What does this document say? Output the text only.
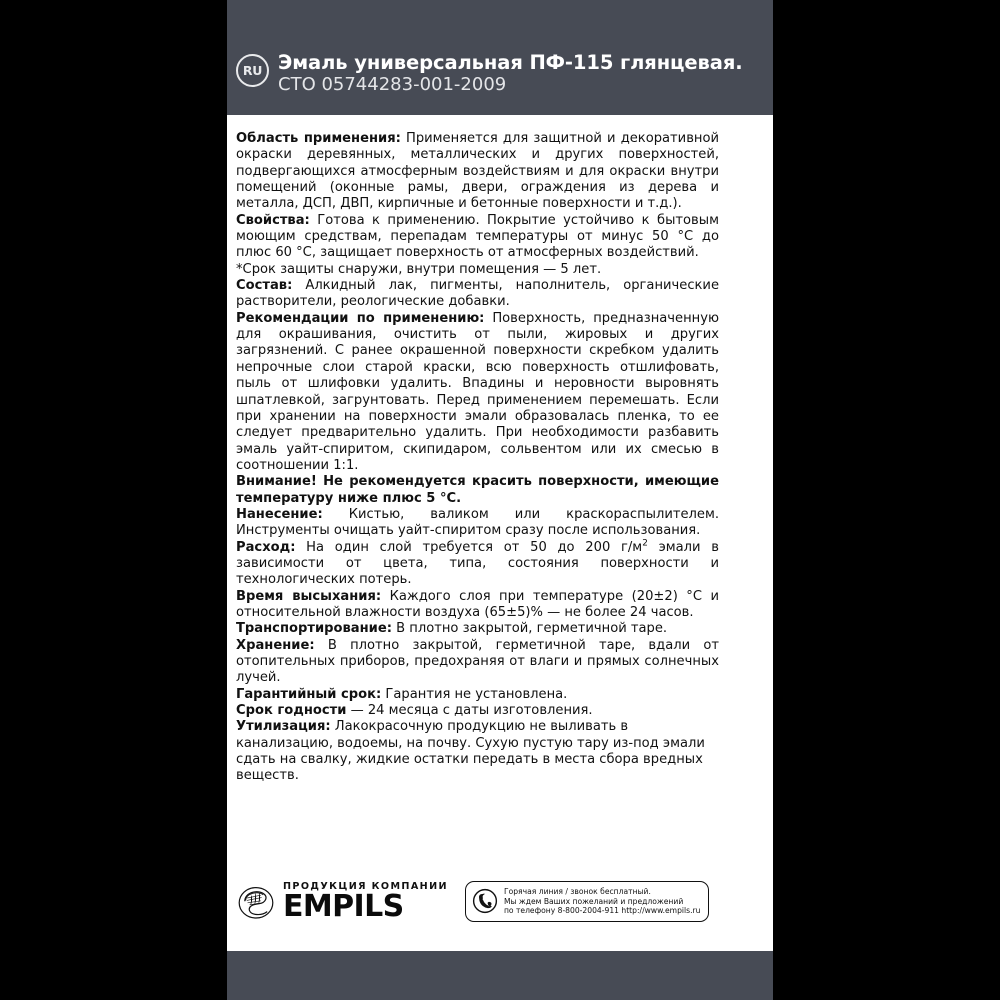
RU Эмаль универсальная ПФ-115 глянцевая.
СТО 05744283-001-2009

Область применения: Применяется для защитной и декоративной окраски деревянных, металлических и других поверхностей, подвергающихся атмосферным воздействиям и для окраски внутри помещений (оконные рамы, двери, ограждения из дерева и металла, ДСП, ДВП, кирпичные и бетонные поверхности и т.д.).

Свойства: Готова к применению. Покрытие устойчиво к бытовым моющим средствам, перепадам температуры от минус 50 °C до плюс 60 °C, защищает поверхность от атмосферных воздействий.

*Срок защиты снаружи, внутри помещения — 5 лет.

Состав: Алкидный лак, пигменты, наполнитель, органические растворители, реологические добавки.

Рекомендации по применению: Поверхность, предназначенную для окрашивания, очистить от пыли, жировых и других загрязнений. С ранее окрашенной поверхности скребком удалить непрочные слои старой краски, всю поверхность отшлифовать, пыль от шлифовки удалить. Впадины и неровности выровнять шпатлевкой, загрунтовать. Перед применением перемешать. Если при хранении на поверхности эмали образовалась пленка, то ее следует предварительно удалить. При необходимости разбавить эмаль уайт-спиритом, скипидаром, сольвентом или их смесью в соотношении 1:1.

Внимание! Не рекомендуется красить поверхности, имеющие температуру ниже плюс 5 °C.

Нанесение: Кистью, валиком или краскораспылителем. Инструменты очищать уайт-спиритом сразу после использования.

Расход: На один слой требуется от 50 до 200 $г/м^2$ эмали в зависимости от цвета, типа, состояния поверхности и технологических потерь.

Время высыхания: Каждого слоя при температуре (20±2) °C и относительной влажности воздуха (65±5)% — не более 24 часов.

Транспортирование: В плотно закрытой, герметичной таре.

Хранение: В плотно закрытой, герметичной таре, вдали от отопительных приборов, предохраняя от влаги и прямых солнечных лучей.

Гарантийный срок: Гарантия не установлена.

Срок годности — 24 месяца с даты изготовления.

Утилизация: Лакокрасочную продукцию не выливать в канализацию, водоемы, на почву. Сухую пустую тару из-под эмали сдать на свалку, жидкие остатки передать в места сбора вредных веществ.

ПРОДУКЦИЯ КОМПАНИИ
EMPILS	Горячая линия / звонок бесплатный.
Мы ждем Ваших пожеланий и предложений
по телефону 8-800-2004-911 http://www.empils.ru
